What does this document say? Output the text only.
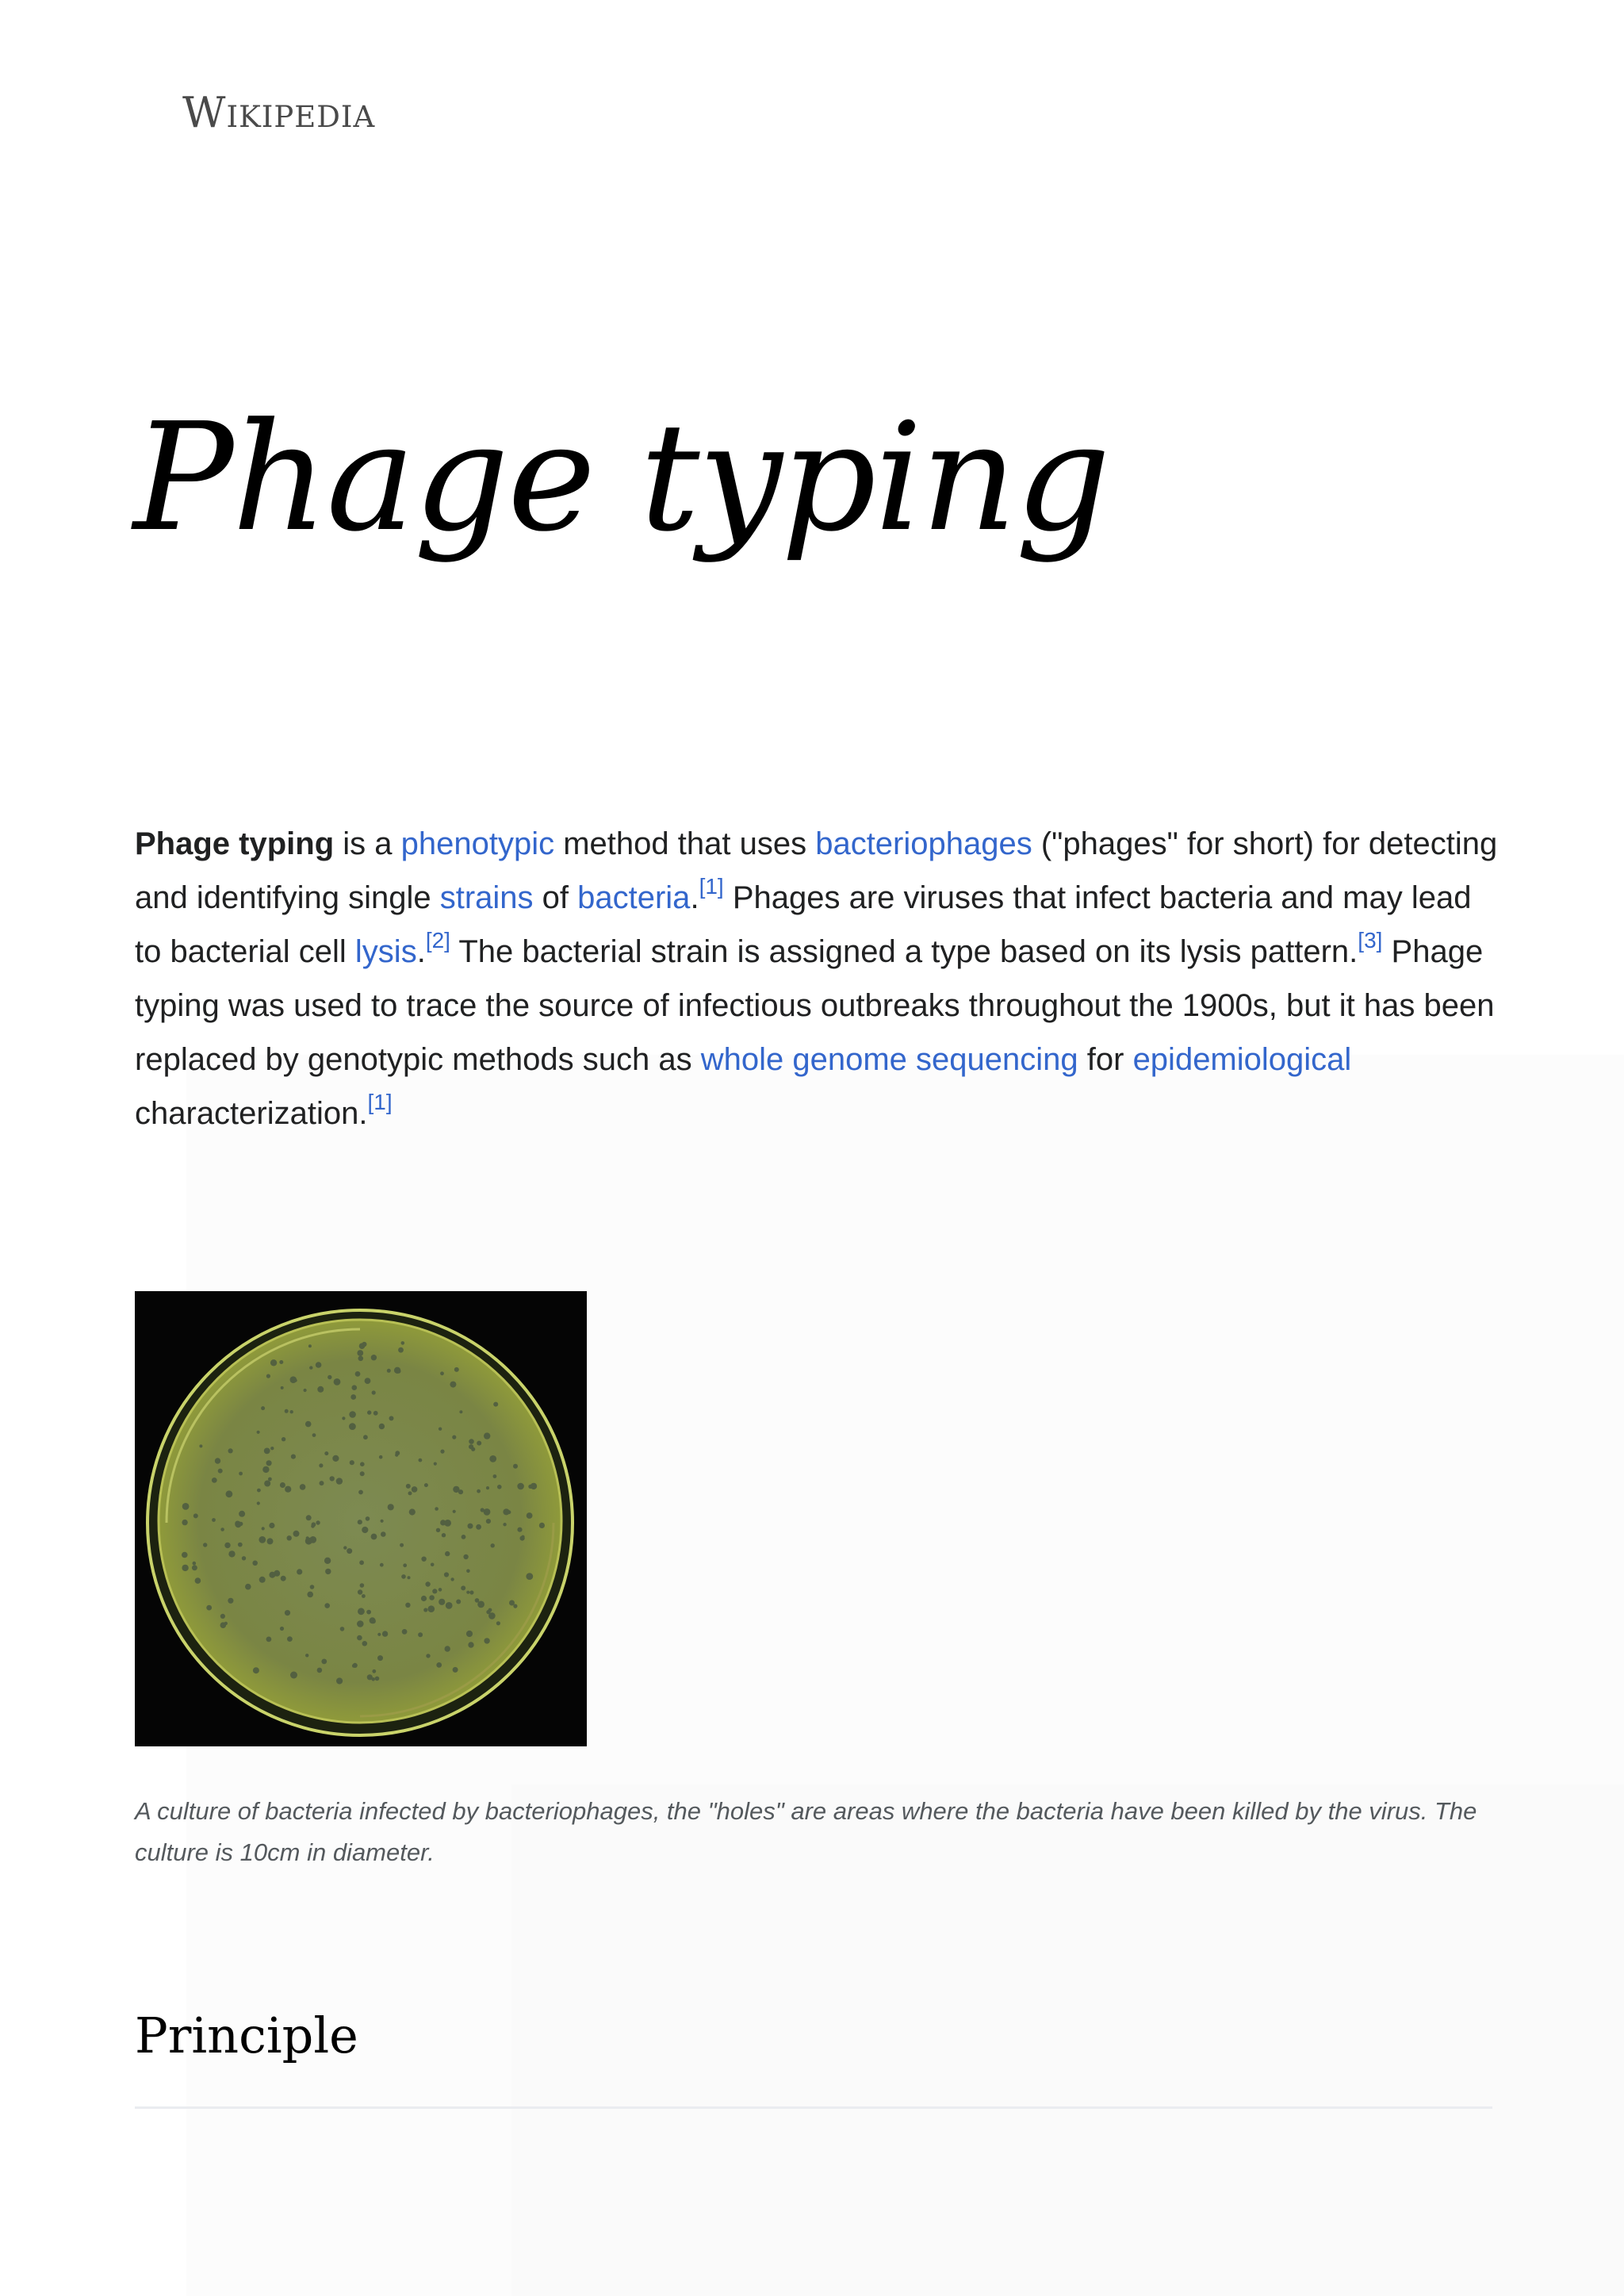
Wikipedia
Phage typing

Phage typing is a phenotypic method that uses bacteriophages ("phages" for short) for detecting and identifying single strains of bacteria.[1] Phages are viruses that infect bacteria and may lead to bacterial cell lysis.[2] The bacterial strain is assigned a type based on its lysis pattern.[3] Phage typing was used to trace the source of infectious outbreaks throughout the 1900s, but it has been replaced by genotypic methods such as whole genome sequencing for epidemiological characterization.[1]

A culture of bacteria infected by bacteriophages, the "holes" are areas where the bacteria have been killed by the virus. The culture is 10cm in diameter.

Principle
